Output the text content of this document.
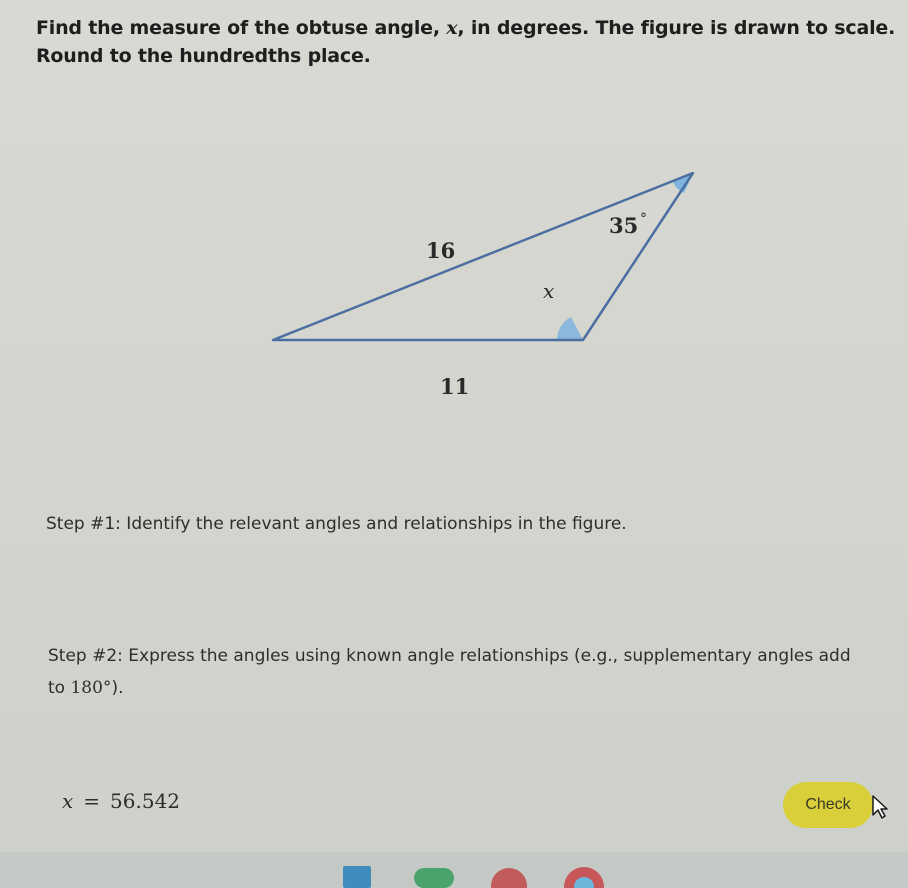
Find the measure of the obtuse angle, x, in degrees. The figure is drawn to scale. Round to the hundredths place.
16
11
35 °
x
Step #1: Identify the relevant angles and relationships in the figure.
Step #2: Express the angles using known angle relationships (e.g., supplementary angles add to 180°).
x = 56.542	Check
